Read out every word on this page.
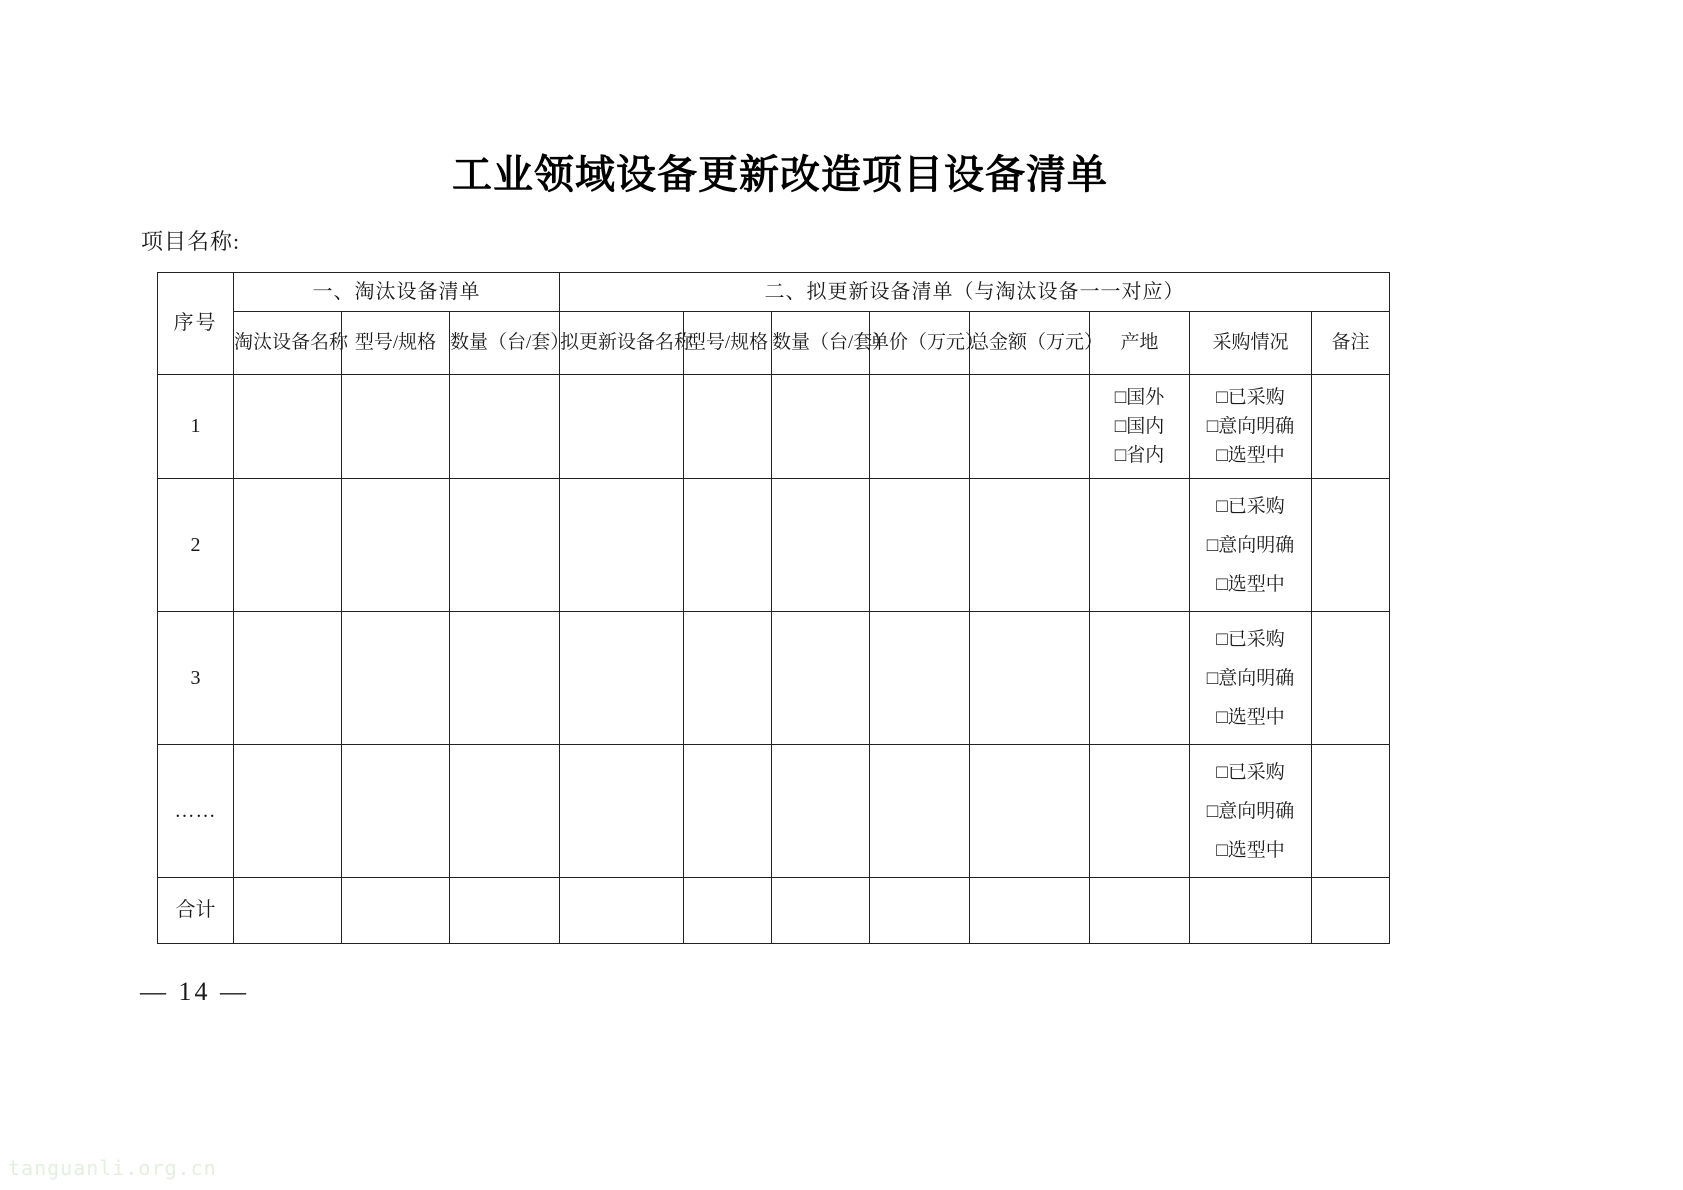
工业领域设备更新改造项目设备清单
项目名称:
序号	一、淘汰设备清单			二、拟更新设备清单（与淘汰设备一一对应）							
	淘汰设备名称	型号/规格	数量（台/套）	拟更新设备名称	型号/规格	数量（台/套）	单价（万元）	总金额（万元）	产地	采购情况	备注
1									□国外
□国内
□省内	□已采购
□意向明确
□选型中	

2										□已采购
□意向明确
□选型中	

3										□已采购
□意向明确
□选型中	

……										□已采购
□意向明确
□选型中	

合计											
— 14 —
tanguanli.org.cn
